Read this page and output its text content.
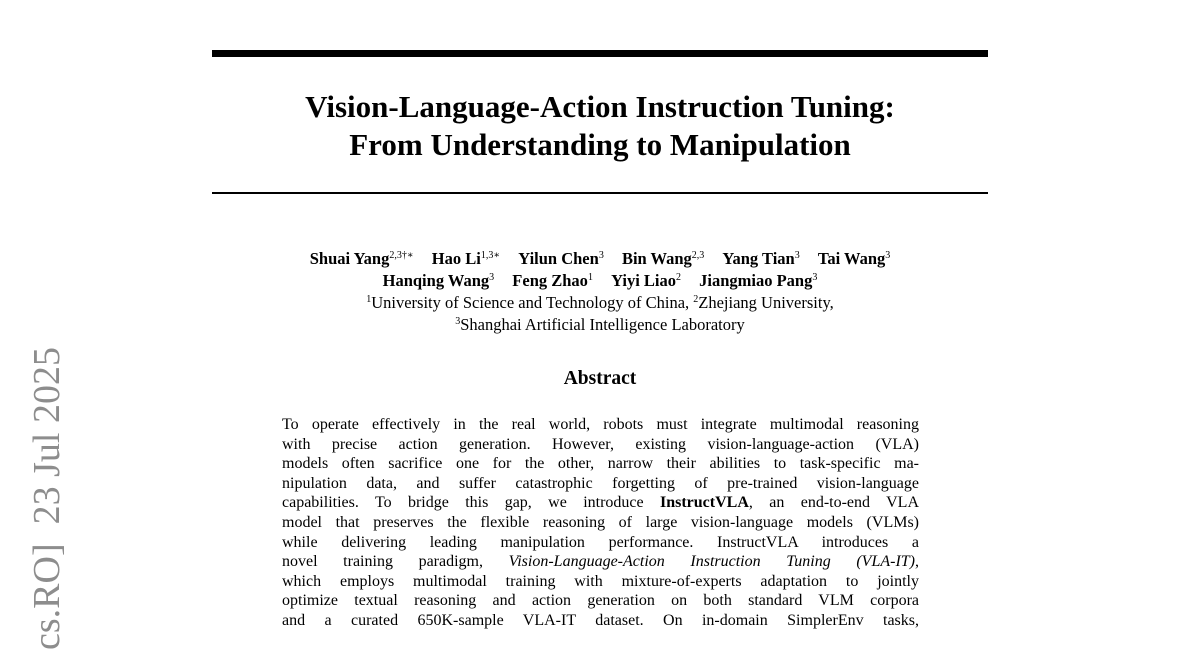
Vision-Language-Action Instruction Tuning:
From Understanding to Manipulation
Shuai Yang$^{2,3\dagger∗}$ Hao $Li^{1,3∗}$ Yilun Chen$^3$ Bin Wang$^{2,3}$ Yang Tian$^3$ Tai Wang$^3$
Hanqing Wang$^3$ Feng Zhao$^1$ Yiyi Liao$^2$ Jiangmiao Pang$^3$
$^1$University of Science and Technology of China, $^2$Zhejiang University,
$^3$Shanghai Artificial Intelligence Laboratory
Abstract
To operate effectively in the real world, robots must integrate multimodal reasoning
with precise action generation. However, existing vision-language-action (VLA)
models often sacrifice one for the other, narrow their abilities to task-specific ma-
nipulation data, and suffer catastrophic forgetting of pre-trained vision-language
capabilities. To bridge this gap, we introduce InstructVLA, an end-to-end VLA
model that preserves the flexible reasoning of large vision-language models (VLMs)
while delivering leading manipulation performance. InstructVLA introduces a
novel training paradigm, Vision-Language-Action Instruction Tuning (VLA-IT),
which employs multimodal training with mixture-of-experts adaptation to jointly
optimize textual reasoning and action generation on both standard VLM corpora
and a curated 650K-sample VLA-IT dataset. On in-domain SimplerEnv tasks,
cs.RO]  23 Jul 2025
